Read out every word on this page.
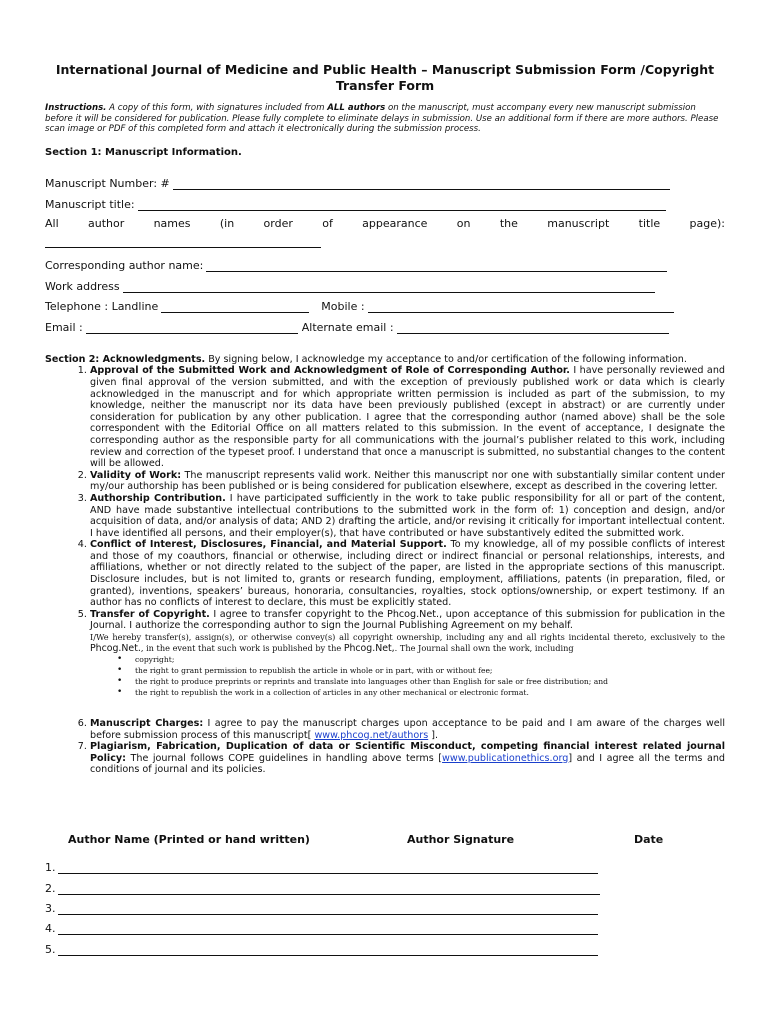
International Journal of Medicine and Public Health – Manuscript Submission Form /Copyright Transfer Form
Instructions. A copy of this form, with signatures included from ALL authors on the manuscript, must accompany every new manuscript submission before it will be considered for publication. Please fully complete to eliminate delays in submission. Use an additional form if there are more authors. Please scan image or PDF of this completed form and attach it electronically during the submission process.
Section 1: Manuscript Information.
Manuscript Number: #
Manuscript title:
All	author	names	(in	order	of	appearance	on	the	manuscript	title	page):
Corresponding author name:
Work address
Telephone : Landline	Mobile :
Email :	Alternate email :

Section 2: Acknowledgments. By signing below, I acknowledge my acceptance to and/or certification of the following information.

1. Approval of the Submitted Work and Acknowledgment of Role of Corresponding Author. I have personally reviewed and given final approval of the version submitted, and with the exception of previously published work or data which is clearly acknowledged in the manuscript and for which appropriate written permission is included as part of the submission, to my knowledge, neither the manuscript nor its data have been previously published (except in abstract) or are currently under consideration for publication by any other publication. I agree that the corresponding author (named above) shall be the sole correspondent with the Editorial Office on all matters related to this submission. In the event of acceptance, I designate the corresponding author as the responsible party for all communications with the journal’s publisher related to this work, including review and correction of the typeset proof. I understand that once a manuscript is submitted, no substantial changes to the content will be allowed.
2. Validity of Work: The manuscript represents valid work. Neither this manuscript nor one with substantially similar content under my/our authorship has been published or is being considered for publication elsewhere, except as described in the covering letter.
3. Authorship Contribution. I have participated sufficiently in the work to take public responsibility for all or part of the content, AND have made substantive intellectual contributions to the submitted work in the form of: 1) conception and design, and/or acquisition of data, and/or analysis of data; AND 2) drafting the article, and/or revising it critically for important intellectual content. I have identified all persons, and their employer(s), that have contributed or have substantively edited the submitted work.
4. Conflict of Interest, Disclosures, Financial, and Material Support. To my knowledge, all of my possible conflicts of interest and those of my coauthors, financial or otherwise, including direct or indirect financial or personal relationships, interests, and affiliations, whether or not directly related to the subject of the paper, are listed in the appropriate sections of this manuscript. Disclosure includes, but is not limited to, grants or research funding, employment, affiliations, patents (in preparation, filed, or granted), inventions, speakers’ bureaus, honoraria, consultancies, royalties, stock options/ownership, or expert testimony. If an author has no conflicts of interest to declare, this must be explicitly stated.
5. Transfer of Copyright. I agree to transfer copyright to the Phcog.Net., upon acceptance of this submission for publication in the Journal. I authorize the corresponding author to sign the Journal Publishing Agreement on my behalf.
I/We hereby transfer(s), assign(s), or otherwise convey(s) all copyright ownership, including any and all rights incidental thereto, exclusively to the Phcog.Net., in the event that such work is published by the Phcog.Net,. The Journal shall own the work, including
• copyright;
• the right to grant permission to republish the article in whole or in part, with or without fee;
• the right to produce preprints or reprints and translate into languages other than English for sale or free distribution; and
• the right to republish the work in a collection of articles in any other mechanical or electronic format.
6. Manuscript Charges: I agree to pay the manuscript charges upon acceptance to be paid and I am aware of the charges well before submission process of this manuscript[ www.phcog.net/authors ].
7. Plagiarism, Fabrication, Duplication of data or Scientific Misconduct, competing financial interest related journal Policy: The journal follows COPE guidelines in handling above terms [www.publicationethics.org] and I agree all the terms and conditions of journal and its policies.
Author Name (Printed or hand written)	Author Signature	Date
1.
2.
3.
4.
5.
